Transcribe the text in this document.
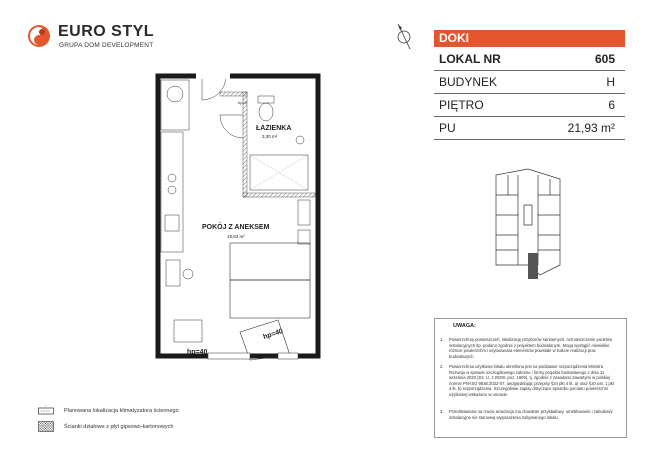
EURO STYL
GRUPA DOM DEVELOPMENT
DOKI
LOKAL NR	605
BUDYNEK	H
PIĘTRO	6
PU	21,93 m²
ŁAZIENKA
3,30 m²
POKÓJ Z ANEKSEM
18,63 m²
hp=40
hp=40
hp=0
UWAGA:
1. Powierzchnię pomieszczeń, lokalizację przyborów sanitarnych, rozmieszczenie punktów instalacyjnych itp. podano zgodnie z projektem budowlanym. Mogą wystąpić niewielkie różnice powierzchni i usytuowania elementów powstałe w trakcie realizacji prac budowlanych.
2. Powierzchnia użytkowa lokalu określona jest na podstawie rozporządzenia Ministra Rozwoju w sprawie szczegółowego zakresu i formy projektu budowlanego z dnia 11 września 2020 (Dz. U. z 2020r. poz. 1609), tj. zgodnie z zasadami zawartymi w polskiej normie PN-ISO 9836:2022-07, uwzględniając przepisy §34 pkt 4 lit. a) oraz §20 ust. 1 pkt 4 lit. b) rozporządzenia. Szczegółowe zapisy dotyczące sposobu pomiaru powierzchni użytkowej wskazano w umowie.
3. Przedstawiona na rzucie aranżacja ma charakter przykładowy, umeblowanie i zabudowy instalacyjne nie stanowią wyposażenia nabywanego lokalu.
*
Planowana lokalizacja klimatyzatora ściennego
Ścianki działowe z płyt gipsowo-kartonowych
